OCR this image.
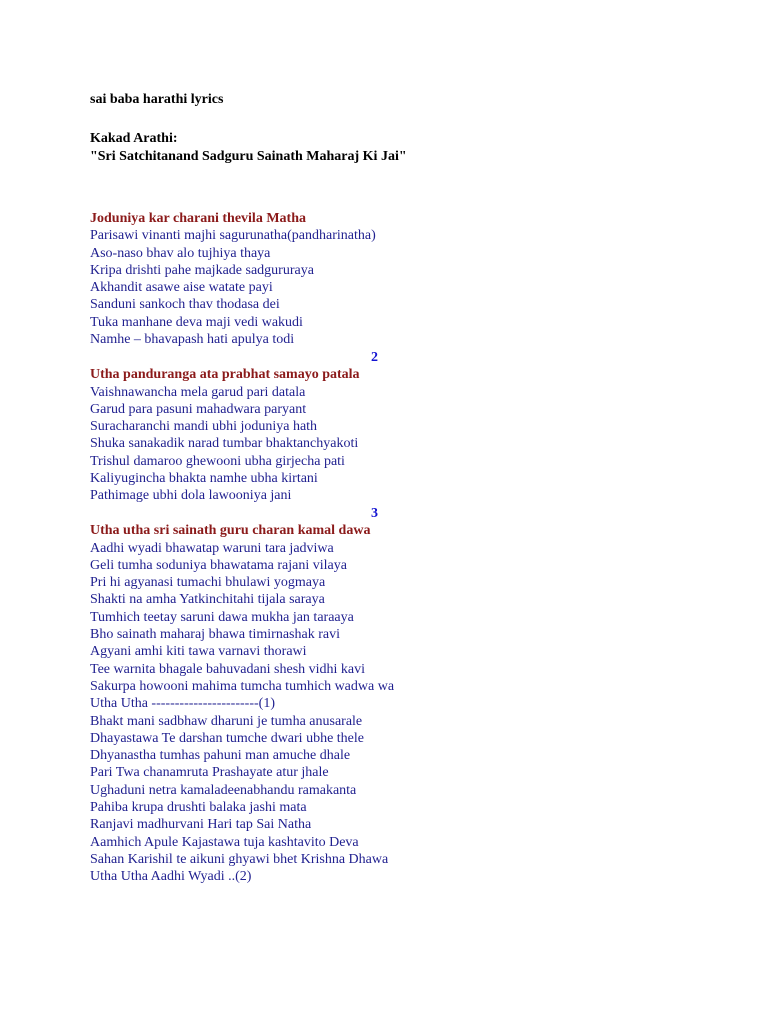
sai baba harathi lyrics
Kakad Arathi:
"Sri Satchitanand Sadguru Sainath Maharaj Ki Jai"
Joduniya kar charani thevila Matha
Parisawi vinanti majhi sagurunatha(pandharinatha)
Aso-naso bhav alo tujhiya thaya
Kripa drishti pahe majkade sadgururaya
Akhandit asawe aise watate payi
Sanduni sankoch thav thodasa dei
Tuka manhane deva maji vedi wakudi
Namhe – bhavapash hati apulya todi
2
Utha panduranga ata prabhat samayo patala
Vaishnawancha mela garud pari datala
Garud para pasuni mahadwara paryant
Suracharanchi mandi ubhi joduniya hath
Shuka sanakadik narad tumbar bhaktanchyakoti
Trishul damaroo ghewooni ubha girjecha pati
Kaliyugincha bhakta namhe ubha kirtani
Pathimage ubhi dola lawooniya jani
3
Utha utha sri sainath guru charan kamal dawa
Aadhi wyadi bhawatap waruni tara jadviwa
Geli tumha soduniya bhawatama rajani vilaya
Pri hi agyanasi tumachi bhulawi yogmaya
Shakti na amha Yatkinchitahi tijala saraya
Tumhich teetay saruni dawa mukha jan taraaya
Bho sainath maharaj bhawa timirnashak ravi
Agyani amhi kiti tawa varnavi thorawi
Tee warnita bhagale bahuvadani shesh vidhi kavi
Sakurpa howooni mahima tumcha tumhich wadwa wa
Utha Utha -----------------------(1)
Bhakt mani sadbhaw dharuni je tumha anusarale
Dhayastawa Te darshan tumche dwari ubhe thele
Dhyanastha tumhas pahuni man amuche dhale
Pari Twa chanamruta Prashayate atur jhale
Ughaduni netra kamaladeenabhandu ramakanta
Pahiba krupa drushti balaka jashi mata
Ranjavi madhurvani Hari tap Sai Natha
Aamhich Apule Kajastawa tuja kashtavito Deva
Sahan Karishil te aikuni ghyawi bhet Krishna Dhawa
Utha Utha Aadhi Wyadi ..(2)
